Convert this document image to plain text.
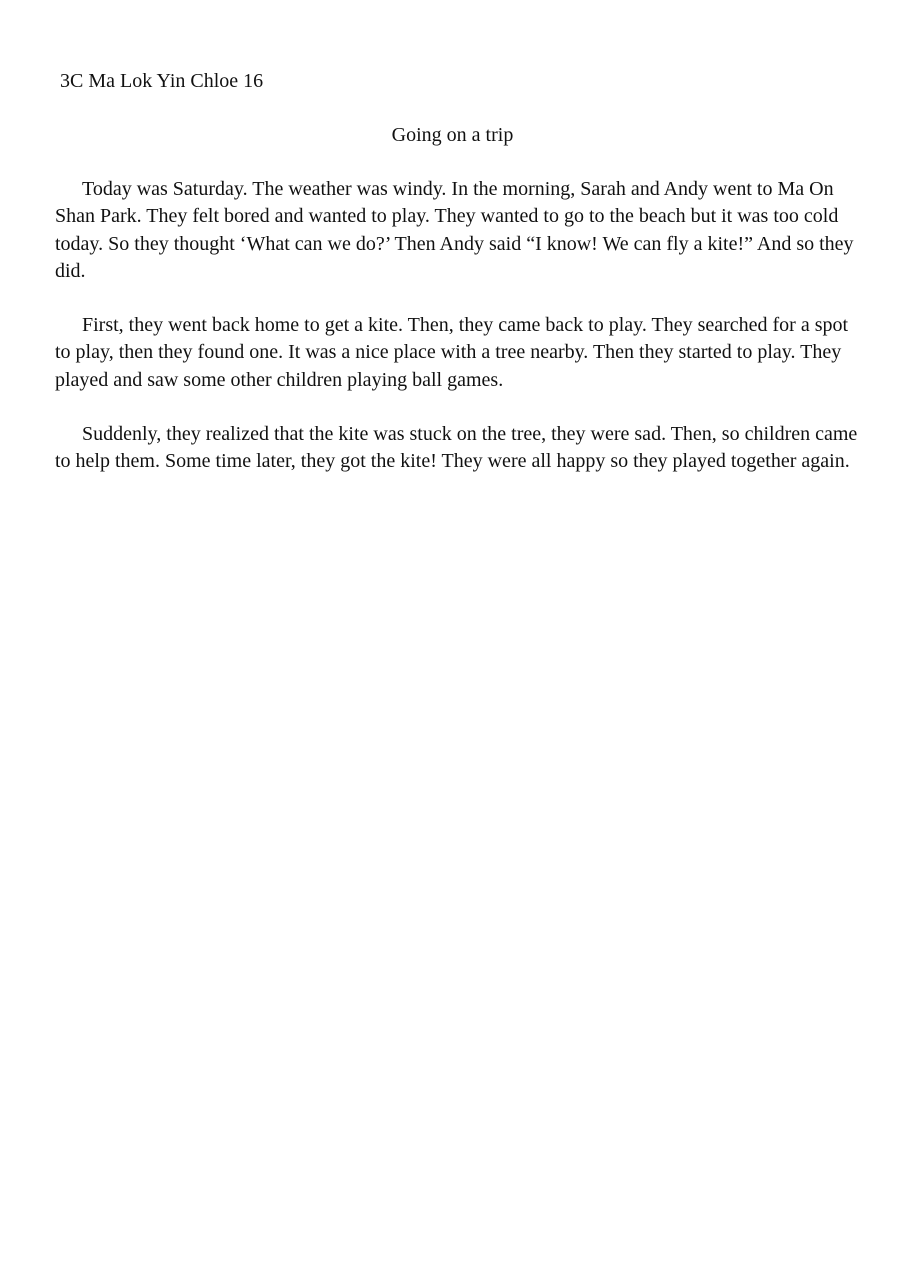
3C Ma Lok Yin Chloe 16
Going on a trip

Today was Saturday. The weather was windy. In the morning, Sarah and Andy went to Ma On Shan Park. They felt bored and wanted to play. They wanted to go to the beach but it was too cold today. So they thought ‘What can we do?’ Then Andy said “I know! We can fly a kite!” And so they did.

First, they went back home to get a kite. Then, they came back to play. They searched for a spot to play, then they found one. It was a nice place with a tree nearby. Then they started to play. They played and saw some other children playing ball games.

Suddenly, they realized that the kite was stuck on the tree, they were sad. Then, so children came to help them. Some time later, they got the kite! They were all happy so they played together again.
